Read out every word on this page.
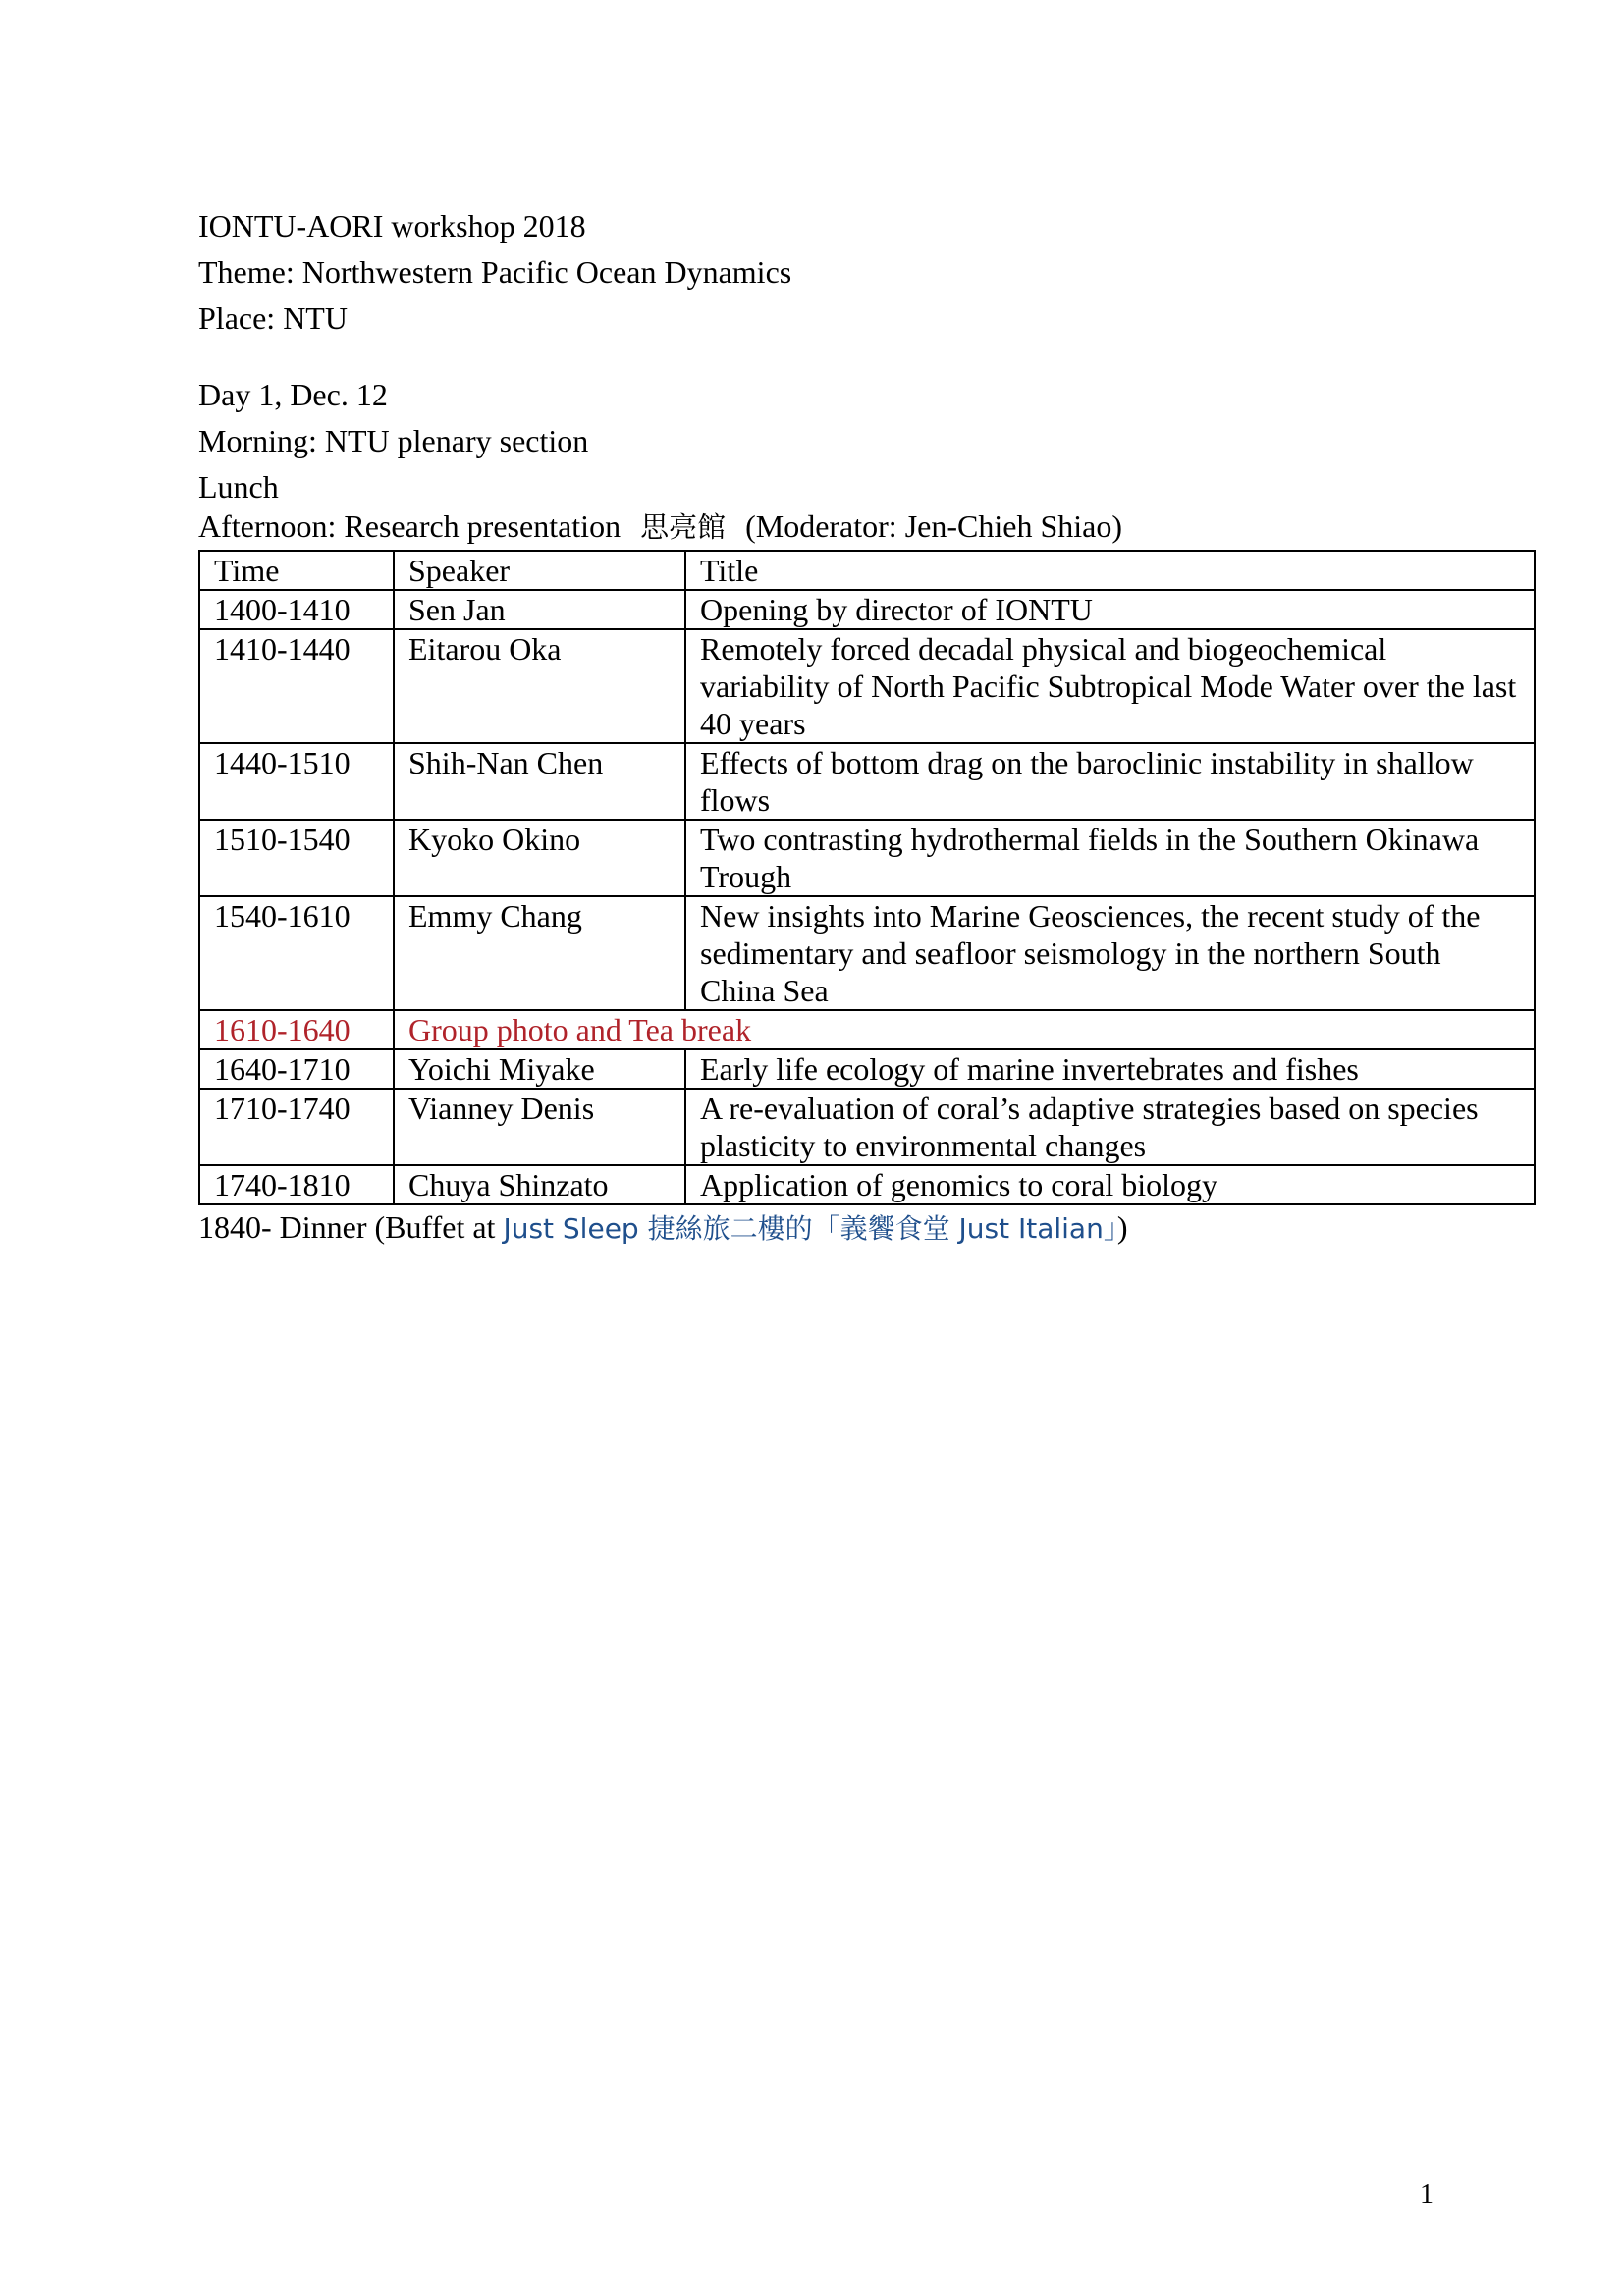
IONTU-AORI workshop 2018
Theme: Northwestern Pacific Ocean Dynamics
Place: NTU
Day 1, Dec. 12
Morning: NTU plenary section
Lunch
Afternoon: Research presentation 思亮館 (Moderator: Jen-Chieh Shiao)
Time	Speaker	Title
1400-1410	Sen Jan	Opening by director of IONTU
1410-1440	Eitarou Oka	Remotely forced decadal physical and biogeochemical variability of North Pacific Subtropical Mode Water over the last 40 years
1440-1510	Shih-Nan Chen	Effects of bottom drag on the baroclinic instability in shallow flows
1510-1540	Kyoko Okino	Two contrasting hydrothermal fields in the Southern Okinawa Trough
1540-1610	Emmy Chang	New insights into Marine Geosciences, the recent study of the sedimentary and seafloor seismology in the northern South China Sea
1610-1640	Group photo and Tea break	
1640-1710	Yoichi Miyake	Early life ecology of marine invertebrates and fishes
1710-1740	Vianney Denis	A re-evaluation of coral’s adaptive strategies based on species plasticity to environmental changes
1740-1810	Chuya Shinzato	Application of genomics to coral biology
1840- Dinner (Buffet at Just Sleep 捷絲旅二樓的「義饗食堂 Just Italian」)
1
